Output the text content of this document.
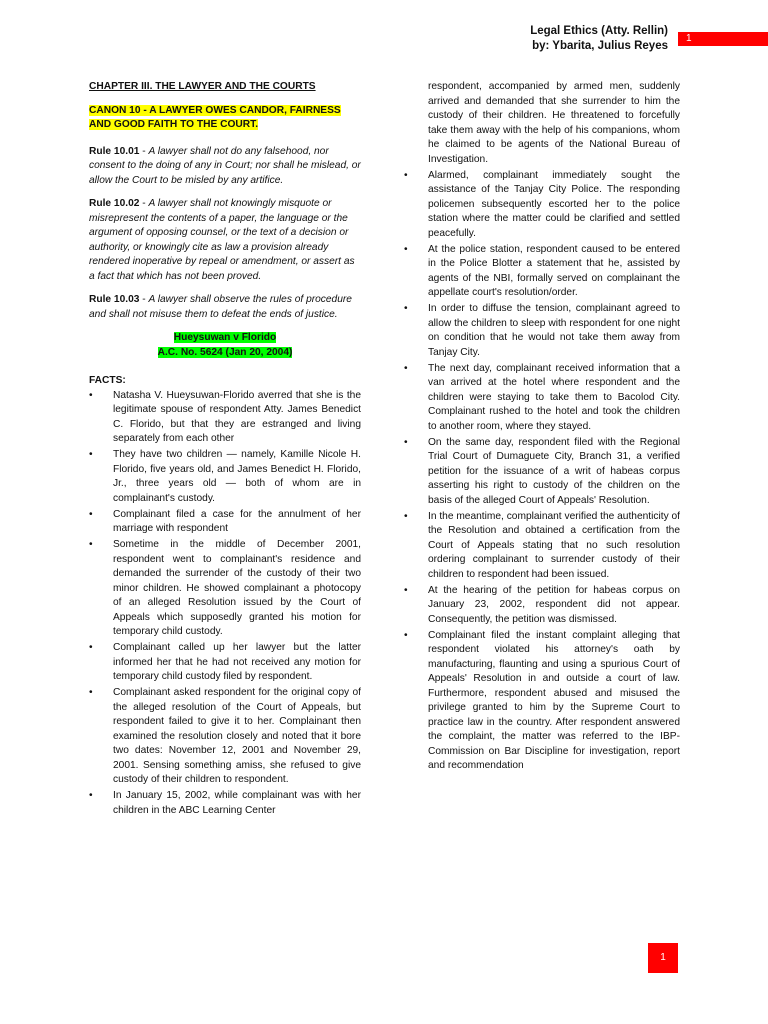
Legal Ethics (Atty. Rellin)
by: Ybarita, Julius Reyes
1
CHAPTER III. THE LAWYER AND THE COURTS
CANON 10 - A LAWYER OWES CANDOR, FAIRNESS AND GOOD FAITH TO THE COURT.
Rule 10.01 - A lawyer shall not do any falsehood, nor consent to the doing of any in Court; nor shall he mislead, or allow the Court to be misled by any artifice.
Rule 10.02 - A lawyer shall not knowingly misquote or misrepresent the contents of a paper, the language or the argument of opposing counsel, or the text of a decision or authority, or knowingly cite as law a provision already rendered inoperative by repeal or amendment, or assert as a fact that which has not been proved.
Rule 10.03 - A lawyer shall observe the rules of procedure and shall not misuse them to defeat the ends of justice.
Hueysuwan v Florido
A.C. No. 5624 (Jan 20, 2004)
FACTS:
• Natasha V. Hueysuwan-Florido averred that she is the legitimate spouse of respondent Atty. James Benedict C. Florido, but that they are estranged and living separately from each other
• They have two children — namely, Kamille Nicole H. Florido, five years old, and James Benedict H. Florido, Jr., three years old — both of whom are in complainant's custody.
• Complainant filed a case for the annulment of her marriage with respondent
• Sometime in the middle of December 2001, respondent went to complainant's residence and demanded the surrender of the custody of their two minor children. He showed complainant a photocopy of an alleged Resolution issued by the Court of Appeals which supposedly granted his motion for temporary child custody.
• Complainant called up her lawyer but the latter informed her that he had not received any motion for temporary child custody filed by respondent.
• Complainant asked respondent for the original copy of the alleged resolution of the Court of Appeals, but respondent failed to give it to her. Complainant then examined the resolution closely and noted that it bore two dates: November 12, 2001 and November 29, 2001. Sensing something amiss, she refused to give custody of their children to respondent.
• In January 15, 2002, while complainant was with her children in the ABC Learning Center
respondent, accompanied by armed men, suddenly arrived and demanded that she surrender to him the custody of their children. He threatened to forcefully take them away with the help of his companions, whom he claimed to be agents of the National Bureau of Investigation.
• Alarmed, complainant immediately sought the assistance of the Tanjay City Police. The responding policemen subsequently escorted her to the police station where the matter could be clarified and settled peacefully.
• At the police station, respondent caused to be entered in the Police Blotter a statement that he, assisted by agents of the NBI, formally served on complainant the appellate court's resolution/order.
• In order to diffuse the tension, complainant agreed to allow the children to sleep with respondent for one night on condition that he would not take them away from Tanjay City.
• The next day, complainant received information that a van arrived at the hotel where respondent and the children were staying to take them to Bacolod City. Complainant rushed to the hotel and took the children to another room, where they stayed.
• On the same day, respondent filed with the Regional Trial Court of Dumaguete City, Branch 31, a verified petition for the issuance of a writ of habeas corpus asserting his right to custody of the children on the basis of the alleged Court of Appeals' Resolution.
• In the meantime, complainant verified the authenticity of the Resolution and obtained a certification from the Court of Appeals stating that no such resolution ordering complainant to surrender custody of their children to respondent had been issued.
• At the hearing of the petition for habeas corpus on January 23, 2002, respondent did not appear. Consequently, the petition was dismissed.
• Complainant filed the instant complaint alleging that respondent violated his attorney's oath by manufacturing, flaunting and using a spurious Court of Appeals' Resolution in and outside a court of law. Furthermore, respondent abused and misused the privilege granted to him by the Supreme Court to practice law in the country. After respondent answered the complaint, the matter was referred to the IBP-Commission on Bar Discipline for investigation, report and recommendation
1
